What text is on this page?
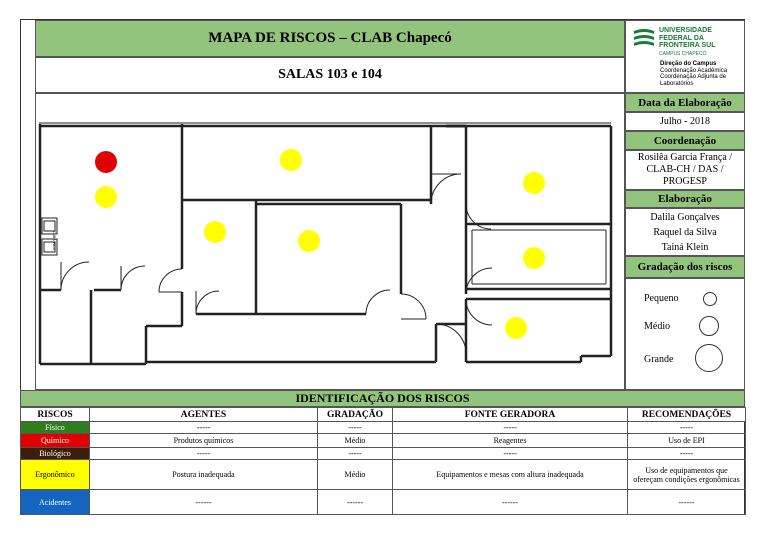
MAPA DE RISCOS – CLAB Chapecó
SALAS 103 e 104
UNIVERSIDADE
FEDERAL DA
FRONTEIRA SUL
CAMPUS CHAPECÓ
Direção do Campus
Coordenação Acadêmica
Coordenação Adjunta de
Laboratórios
Data da Elaboração
Julho - 2018
Coordenação
Rosilêa Garcia França /
CLAB-CH / DAS /
PROGESP
Elaboração
Dalila Gonçalves
Raquel da Silva
Tainá Klein
Gradação dos riscos
Pequeno
Médio
Grande
CUBA INOX
IDENTIFICAÇÃO DOS RISCOS
RISCOS	AGENTES	GRADAÇÃO	FONTE GERADORA	RECOMENDAÇÕES
Físico	-----	-----	-----	-----
Químico	Produtos químicos	Médio	Reagentes	Uso de EPI
Biológico	-----	-----	-----	-----
Ergonômico	Postura inadequada	Médio	Equipamentos e mesas com altura inadequada	Uso de equipamentos que ofereçam condições ergonômicas
Acidentes	------	------	------	------
